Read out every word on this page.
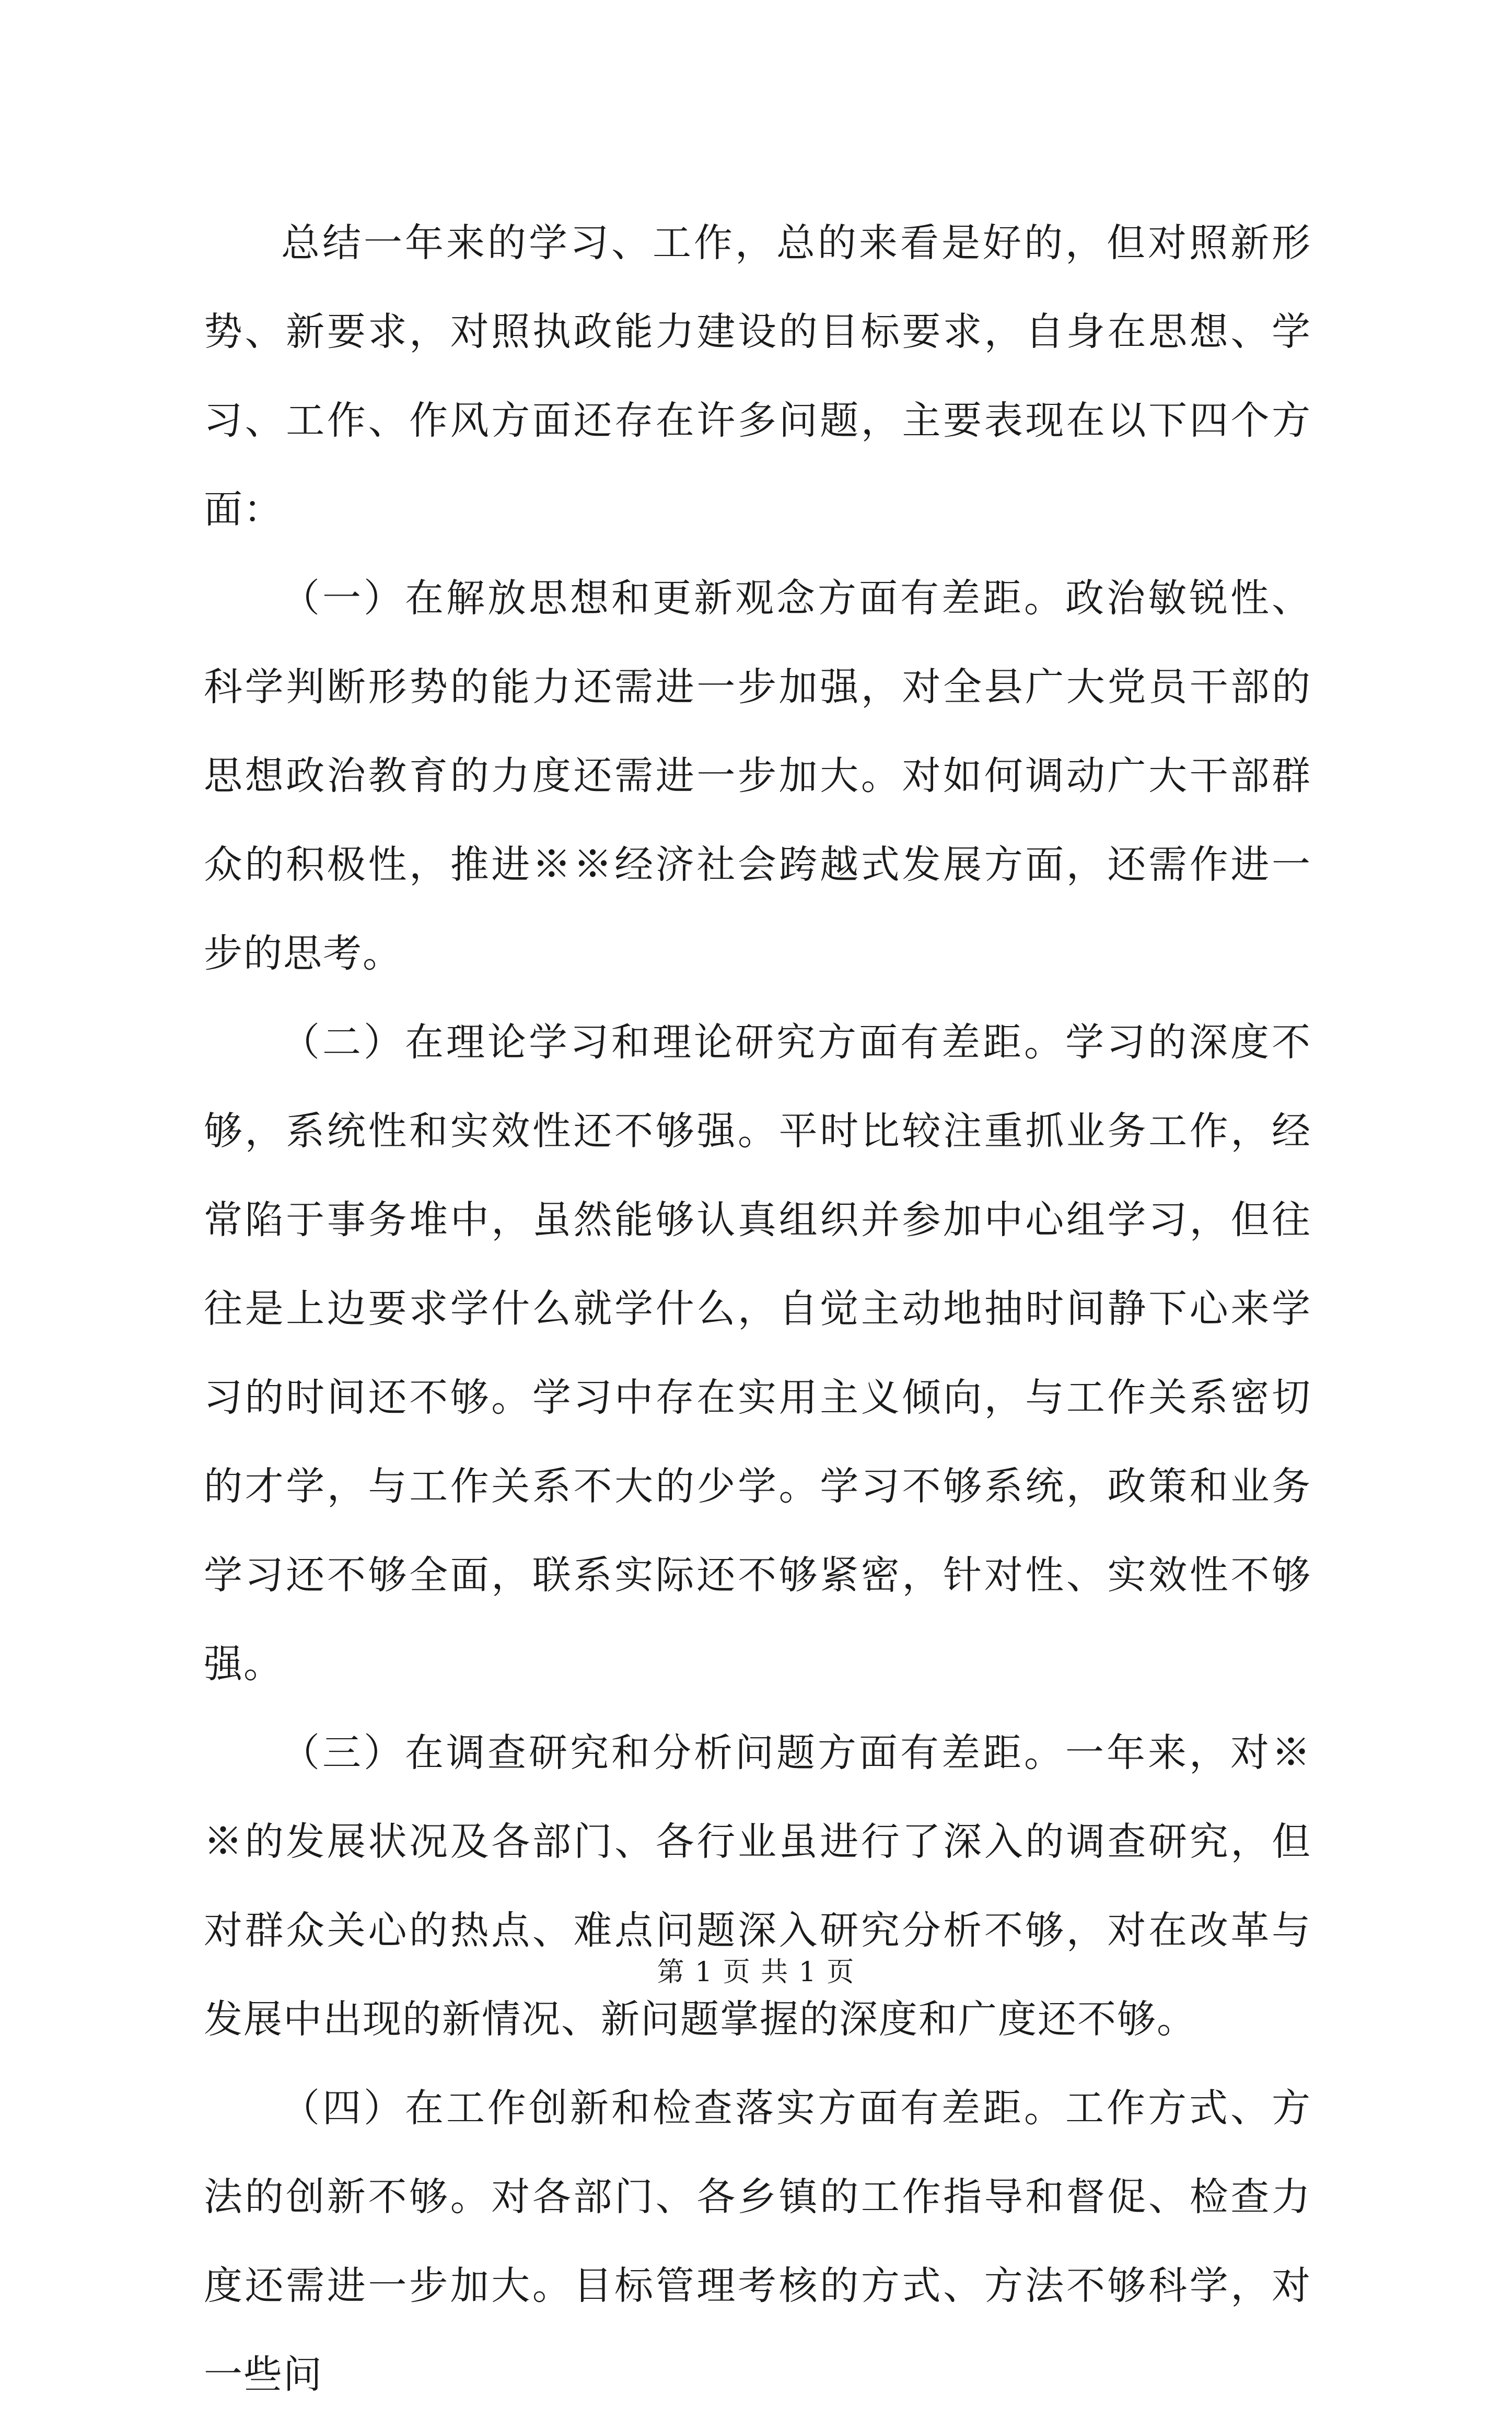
总结一年来的学习、工作，总的来看是好的，但对照新形势、新要求，对照执政能力建设的目标要求，自身在思想、学习、工作、作风方面还存在许多问题，主要表现在以下四个方面：

（一）在解放思想和更新观念方面有差距。政治敏锐性、科学判断形势的能力还需进一步加强，对全县广大党员干部的思想政治教育的力度还需进一步加大。对如何调动广大干部群众的积极性，推进※※经济社会跨越式发展方面，还需作进一步的思考。

（二）在理论学习和理论研究方面有差距。学习的深度不够，系统性和实效性还不够强。平时比较注重抓业务工作，经常陷于事务堆中，虽然能够认真组织并参加中心组学习，但往往是上边要求学什么就学什么，自觉主动地抽时间静下心来学习的时间还不够。学习中存在实用主义倾向，与工作关系密切的才学，与工作关系不大的少学。学习不够系统，政策和业务学习还不够全面，联系实际还不够紧密，针对性、实效性不够强。

（三）在调查研究和分析问题方面有差距。一年来，对※※的发展状况及各部门、各行业虽进行了深入的调查研究，但对群众关心的热点、难点问题深入研究分析不够，对在改革与发展中出现的新情况、新问题掌握的深度和广度还不够。

（四）在工作创新和检查落实方面有差距。工作方式、方法的创新不够。对各部门、各乡镇的工作指导和督促、检查力度还需进一步加大。目标管理考核的方式、方法不够科学，对一些问

第 1 页 共 1 页
